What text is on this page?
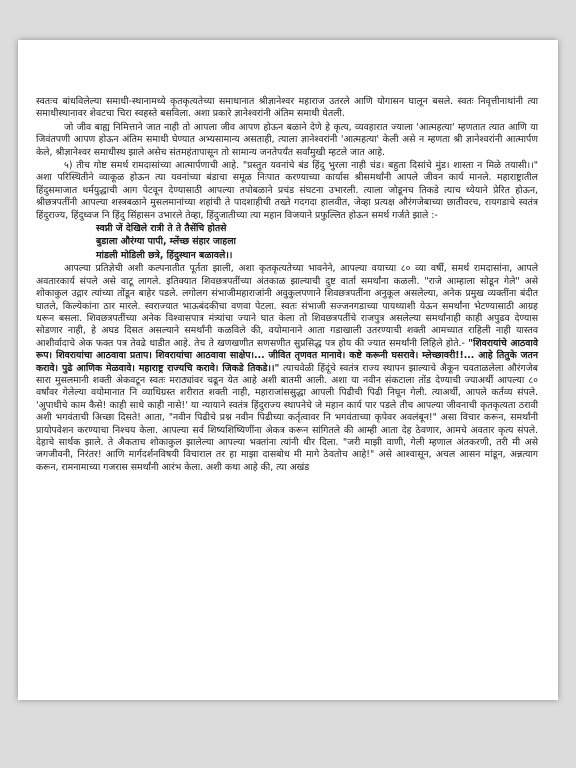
स्वतःच बांधविलेल्या समाधी-स्थानामध्ये कृतकृत्यतेच्या समाधानात श्रीज्ञानेश्वर महाराज उतरले आणि योगासन घालून बसले. स्वतः निवृत्तीनाथांनी त्या समाधीस्थानावर शेवटचा चिरा स्वहस्ते बसविला. अशा प्रकारे ज्ञानेश्वरांनी अंतिम समाधी घेतली.

जो जीव बाह्य निमित्ताने जात नाही तो आपला जीव आपण होऊन बळाने देणे हे कृत्य, व्यवहारात ज्याला 'आत्महत्या' म्हणतात त्यात आणि या जिवंतपणी आपण होऊन अंतिम समाधी घेण्यात अभ्यसामान्य असताही, त्याला ज्ञानेश्वरांनी 'आत्महत्या' केली असे न म्हणता श्री ज्ञानेश्वरांनी आत्मार्पण केले, श्रीज्ञानेश्वर समाधीस्थ झाले असेच संतमहंतापासून तो सामान्य जनतेपर्यंत सर्वांमुखी म्हटले जात आहे.

५) तीच गोष्ट समर्थ रामदासांच्या आत्मार्पणाची आहे. "प्रस्तुत यवनांचे बंड हिंदु भुरला नाही चंड। बहुता दिसांचे मुंड। शास्ता न मिळे तयासी।।" अशा परिस्थितीने व्याकूळ होऊन त्या यवनांच्या बंडाचा समूळ निःपात करण्याच्या कार्यास श्रीसमर्थांनी आपले जीवन कार्य मानले. महाराष्ट्रातील हिंदुसमाजात धर्मयुद्धाची आग पेटवून देण्यासाठी आपल्या तपोबळाने प्रचंड संघटना उभारली. त्याला जोडूनच तिकडे त्याच ध्येयाने प्रेरित होऊन, श्रीछत्रपतींनी आपल्या शस्त्रबळाने मुसलमानांच्या शहांची ते पादशाहीची तख्ते गदगदा हालवीत, जेव्हा प्रत्यक्ष औरंगजेबाच्या छातीवरच, रायगडाचे स्वतंत्र हिंदुराज्य, हिंदुध्वज नि हिंदु सिंहासन उभारले तेव्हा, हिंदुजातीच्या त्या महान विजयाने प्रफुल्लित होऊन समर्थ गर्जते झाले :-

स्वप्नी जें देखिले रात्री ते ते तैसेंचि होतसे

बुडाला औरंग्या पापी, म्लेंच्छ संहार जाहला

मांडली मोडिली छत्रे, हिंदुस्थान बळावले।।

आपल्या प्रतिज्ञेची अशी कल्पनातीत पूर्तता झाली, अशा कृतकृत्यतेच्या भावनेने, आपल्या वयाच्या ८० व्या वर्षी, समर्थ रामदासांना, आपले अवतारकार्य संपले असे वाटू लागले. इतिक्यात शिवछत्रपतींच्या अंतकाळ झाल्याची दुष्ट वार्ता समर्थांना कळली. "राजे आम्हाला सोडून गेले" असे शोकाकुल उद्गार त्यांच्या तोंडून बाहेर पडले. लगोलग संभाजीमहाराजांनी अवुकुलपणाने शिवछत्रपतींना अनुकूल असलेल्या, अनेक प्रमुख व्यक्तींना बंदीत घातले, किल्येकांना ठार मारले. स्वराज्यात भाऊबंदकीचा वणवा पेटला. स्वतः संभाजी सज्जनगडाच्या पायथ्याशी येऊन समर्थांना भेटण्यासाठी आग्रह धरून बसला. शिवछत्रपतींच्या अनेक विश्वासपात्र मंत्र्यांचा ज्याने घात केला तो शिवछत्रपतींचे राजपुत्र असलेल्या समर्थांनाही काही अपुढव देण्यास सोडणार नाही, हे अघड दिसत असल्याने समर्थांनी कळविले की, वयोमानाने आता गडाखाली उतरण्याची शक्ती आमच्यात राहिली नाही यास्तव आशीर्वादाचे अेक फक्त पत्र तेवढे धाडीत आहे. तेच ते खणखणीत सणसणीत सुप्रसिद्ध पत्र होय की ज्यात समर्थांनी लिहिले होते.- "शिवरायांचे आठवावे रूप। शिवरायांचा आठवावा प्रताप। शिवरायांचा आठवावा साक्षेप।... जीवित तृणवत मानावे। कष्टे करूनी घसरावे। म्लेच्छावरी!!... आहे तितुके जतन करावे। पुढे आणिक मेळवावे। महाराष्ट्र राज्यचि करावे। जिकडे तिकडे।।" त्याचवेळी हिंदूंचे स्वतंत्र राज्य स्थापन झाल्याचे अैकून चवताळलेला औरंगजेब सारा मुसलमानी शक्ती अेकवटून स्वतः मराठ्यांवर चढून येत आहे अशी बातमी आली. अशा या नवीन संकटाला तोंड देण्याची ज्याअर्थी आपल्या ८० वर्षांवर गेलेल्या वयोमानात नि व्याधिग्रस्त शरीरात शक्ती नाही, महाराजांससुद्धा आपली पिढीची पिढी निघून गेली. त्याअर्थी, आपले कर्तव्य संपले. 'अुपाधीचे काम कैसे! काही साधे काही नासे!' या न्यायाने स्वतंत्र हिंदुराज्य स्थापनेचे जे महान कार्य पार पडले तीच आपल्या जीवनाची कृतकृत्यता ठरावी अशी भगवंताची अिच्छा दिसते! आता, "नवीन पिढीचे प्रश्न नवीन पिढीच्या कर्तृत्वावर नि भगवंताच्या कृपेवर अवलंबून!" असा विचार करून, समर्थांनी प्रायोपवेशन करण्याचा निश्चय केला. आपल्या सर्व शिष्यशिष्यिणींना अेकत्र करून सांगितले की आम्ही आता देह ठेवणार, आमचे अवतार कृत्य संपले. देहाचे सार्थक झाले. ते अैकताच शोकाकुल झालेल्या आपल्या भक्तांना त्यांनी धीर दिला. "जरी माझी वाणी, गेली म्हणाल अंतकरणी, तरी मी असे जगजीवनी, निरंतर! आणि मार्गदर्शनविषयी विचाराल तर हा माझा दासबोध मी मागे ठेवतोच आहे!" असे आश्वासून, अचल आसन मांडून, अन्नत्याग करून, रामनामाच्या गजरास समर्थांनी आरंभ केला. अशी कथा आहे की, त्या अखंड
